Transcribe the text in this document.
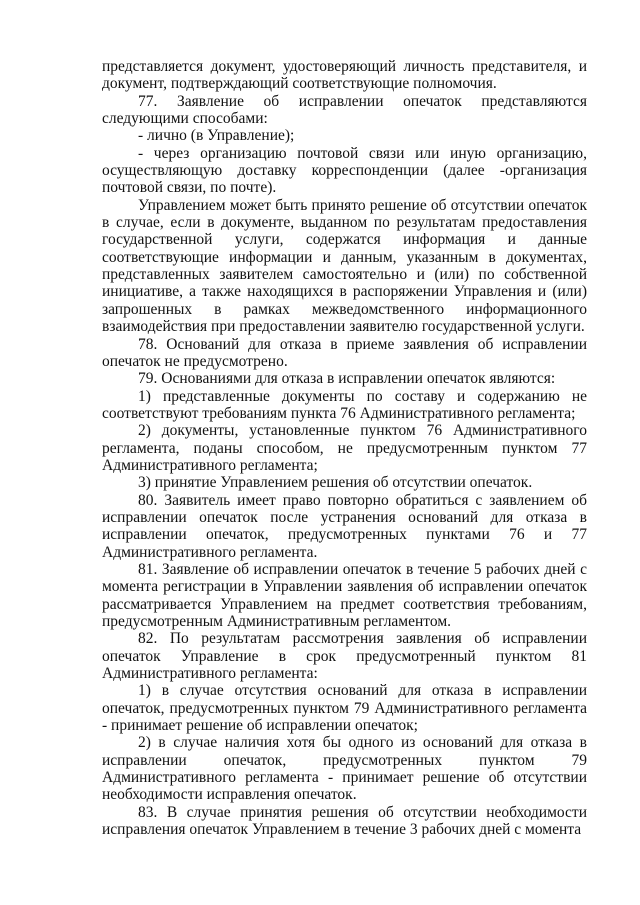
представляется документ, удостоверяющий личность представителя, и документ, подтверждающий соответствующие полномочия.

77. Заявление об исправлении опечаток представляются следующими способами:

- лично (в Управление);

- через организацию почтовой связи или иную организацию, осуществляющую доставку корреспонденции (далее -организация почтовой связи, по почте).

Управлением может быть принято решение об отсутствии опечаток в случае, если в документе, выданном по результатам предоставления государственной услуги, содержатся информация и данные соответствующие информации и данным, указанным в документах, представленных заявителем самостоятельно и (или) по собственной инициативе, а также находящихся в распоряжении Управления и (или) запрошенных в рамках межведомственного информационного взаимодействия при предоставлении заявителю государственной услуги.

78. Оснований для отказа в приеме заявления об исправлении опечаток не предусмотрено.

79. Основаниями для отказа в исправлении опечаток являются:

1) представленные документы по составу и содержанию не соответствуют требованиям пункта 76 Административного регламента;

2) документы, установленные пунктом 76 Административного регламента, поданы способом, не предусмотренным пунктом 77 Административного регламента;

3) принятие Управлением решения об отсутствии опечаток.

80. Заявитель имеет право повторно обратиться с заявлением об исправлении опечаток после устранения оснований для отказа в исправлении опечаток, предусмотренных пунктами 76 и 77 Административного регламента.

81. Заявление об исправлении опечаток в течение 5 рабочих дней с момента регистрации в Управлении заявления об исправлении опечаток рассматривается Управлением на предмет соответствия требованиям, предусмотренным Административным регламентом.

82. По результатам рассмотрения заявления об исправлении опечаток Управление в срок предусмотренный пунктом 81 Административного регламента:

1) в случае отсутствия оснований для отказа в исправлении опечаток, предусмотренных пунктом 79 Административного регламента - принимает решение об исправлении опечаток;

2) в случае наличия хотя бы одного из оснований для отказа в исправлении опечаток, предусмотренных пунктом 79 Административного регламента - принимает решение об отсутствии необходимости исправления опечаток.

83. В случае принятия решения об отсутствии необходимости исправления опечаток Управлением в течение 3 рабочих дней с момента
